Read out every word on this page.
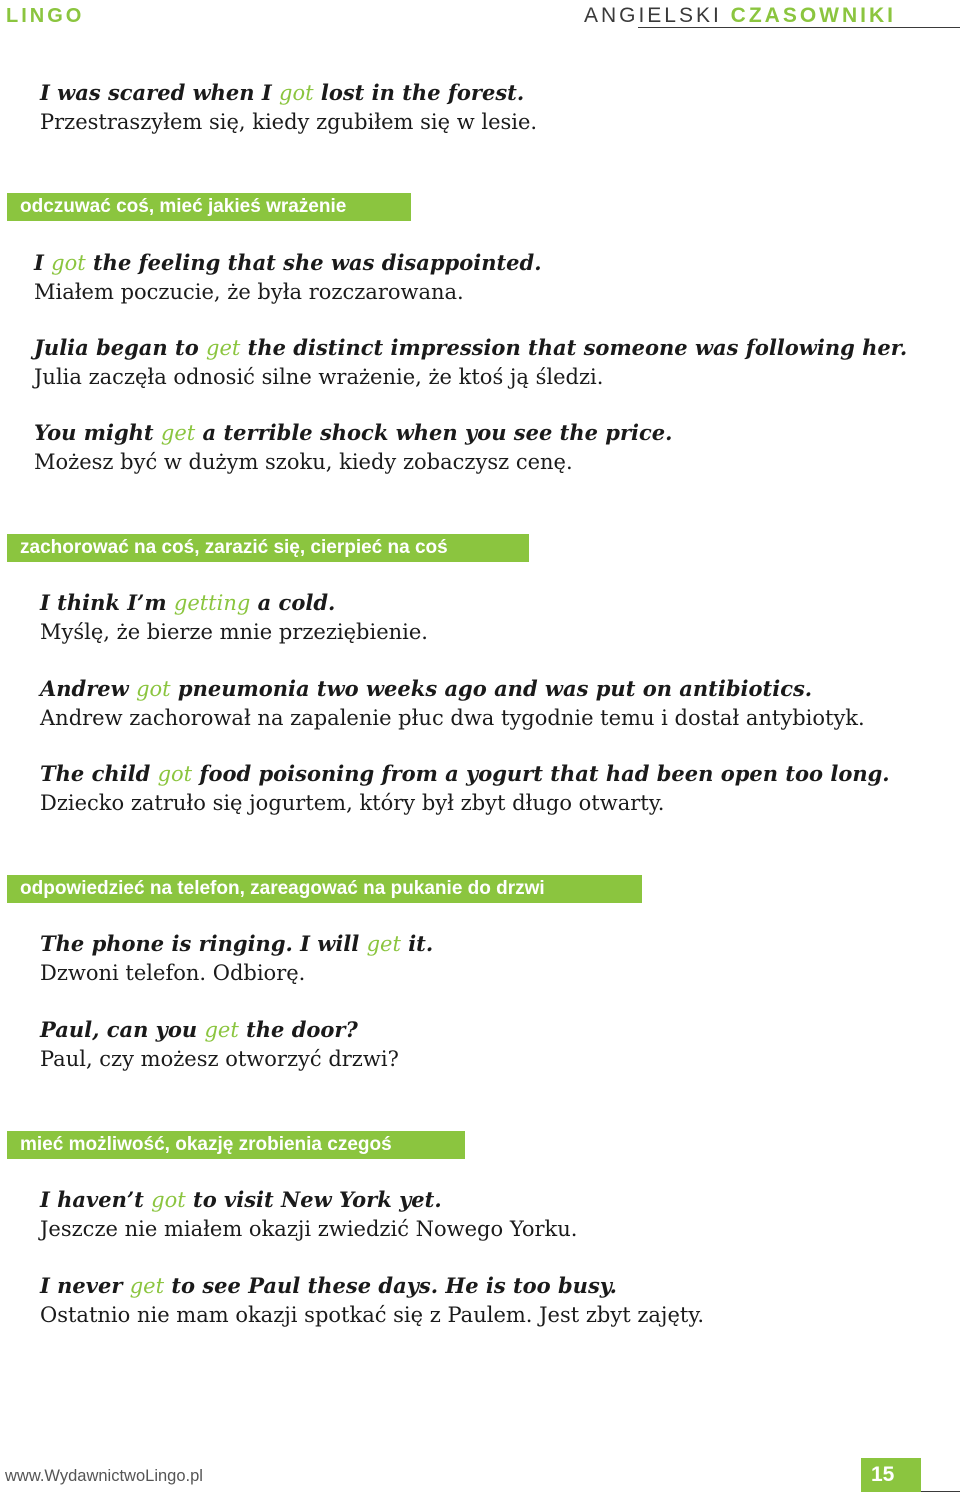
LINGO	ANGIELSKI CZASOWNIKI
I was scared when I got lost in the forest.
Przestraszyłem się, kiedy zgubiłem się w lesie.
odczuwać coś, mieć jakieś wrażenie
I got the feeling that she was disappointed.
Miałem poczucie, że była rozczarowana.
Julia began to get the distinct impression that someone was following her.
Julia zaczęła odnosić silne wrażenie, że ktoś ją śledzi.
You might get a terrible shock when you see the price.
Możesz być w dużym szoku, kiedy zobaczysz cenę.
zachorować na coś, zarazić się, cierpieć na coś
I think I’m getting a cold.
Myślę, że bierze mnie przeziębienie.
Andrew got pneumonia two weeks ago and was put on antibiotics.
Andrew zachorował na zapalenie płuc dwa tygodnie temu i dostał antybiotyk.
The child got food poisoning from a yogurt that had been open too long.
Dziecko zatruło się jogurtem, który był zbyt długo otwarty.
odpowiedzieć na telefon, zareagować na pukanie do drzwi
The phone is ringing. I will get it.
Dzwoni telefon. Odbiorę.
Paul, can you get the door?
Paul, czy możesz otworzyć drzwi?
mieć możliwość, okazję zrobienia czegoś
I haven’t got to visit New York yet.
Jeszcze nie miałem okazji zwiedzić Nowego Yorku.
I never get to see Paul these days. He is too busy.
Ostatnio nie mam okazji spotkać się z Paulem. Jest zbyt zajęty.
www.WydawnictwoLingo.pl	15
